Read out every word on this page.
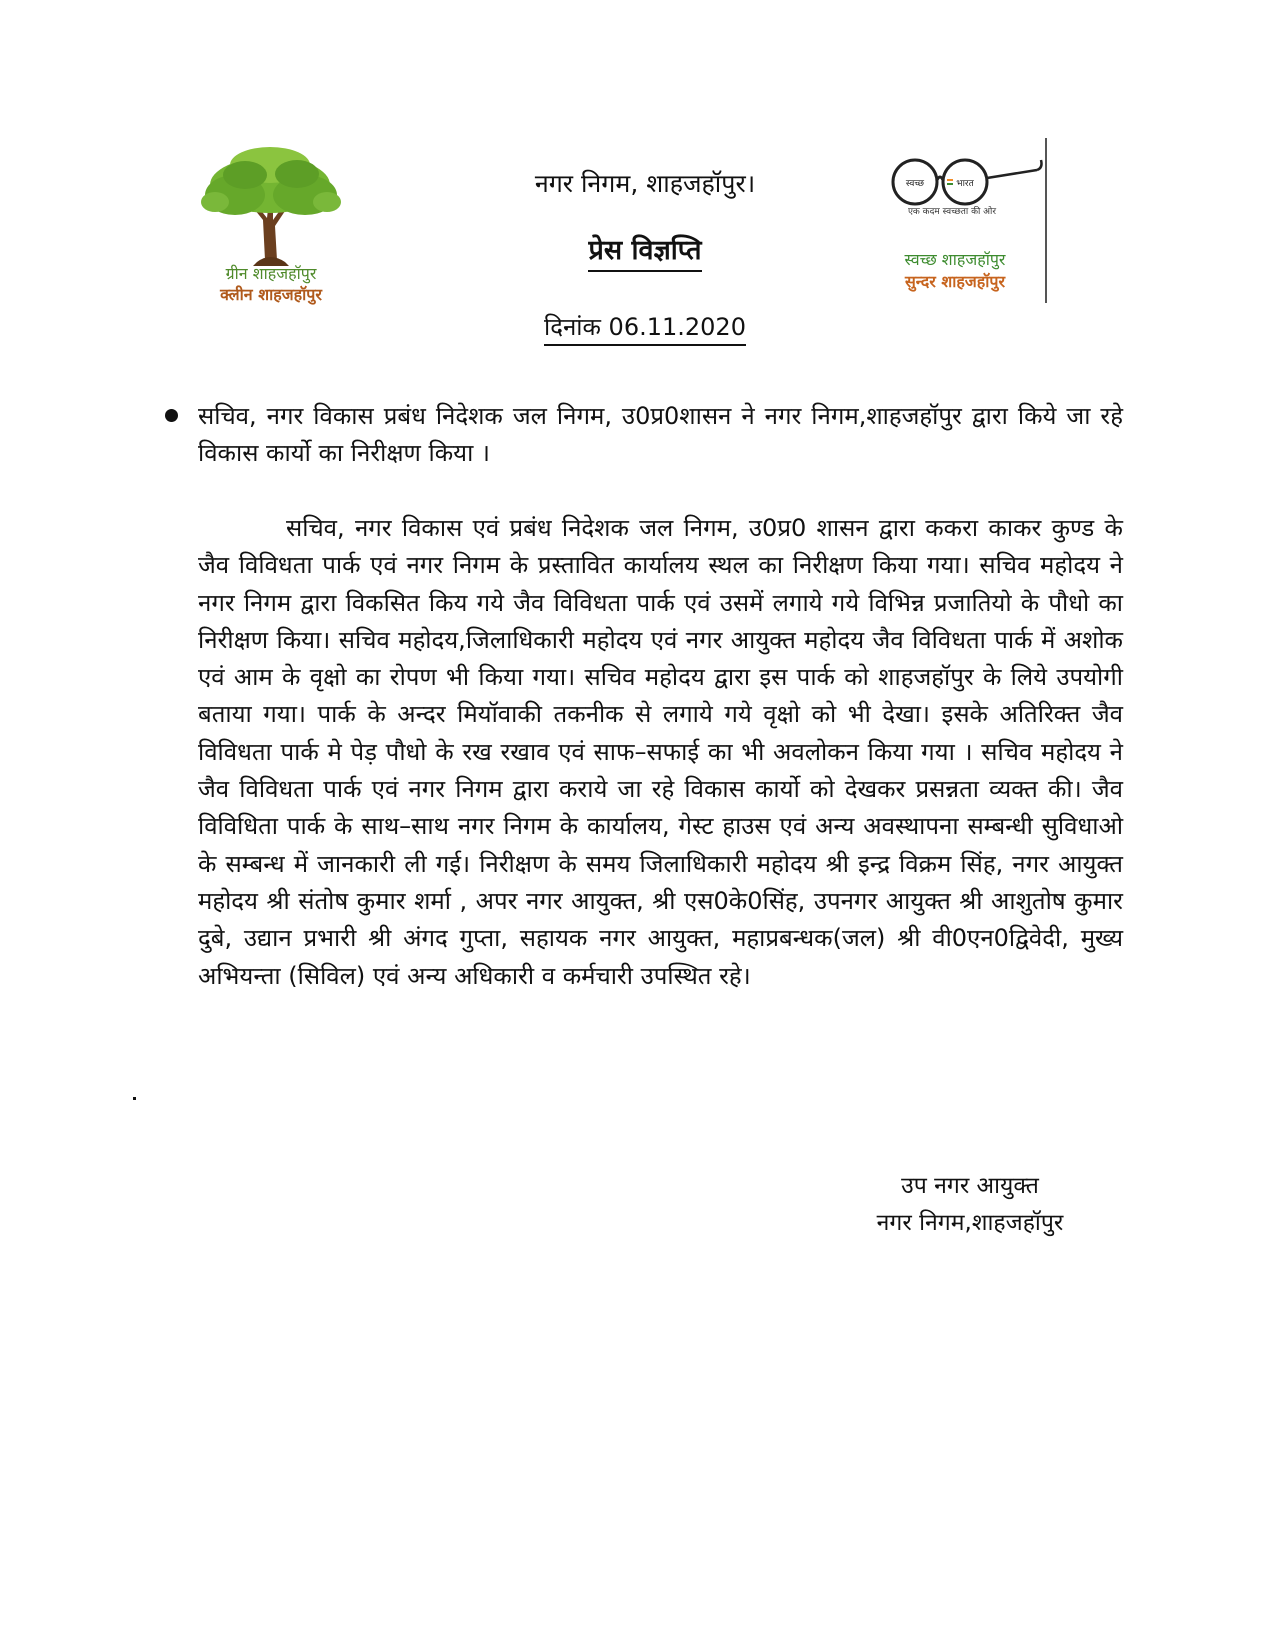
ग्रीन शाहजहॉपुर
क्लीन शाहजहॉपुर
नगर निगम, शाहजहॉपुर।
प्रेस विज्ञप्ति
दिनांक 06.11.2020
स्वच्छ	भारत
एक कदम स्वच्छता की ओर
स्वच्छ शाहजहॉपुर
सुन्दर शाहजहॉपुर
सचिव, नगर विकास प्रबंध निदेशक जल निगम, उ0प्र0शासन ने नगर निगम,शाहजहॉपुर द्वारा किये जा रहे विकास कार्यो का निरीक्षण किया ।
सचिव, नगर विकास एवं प्रबंध निदेशक जल निगम, उ0प्र0 शासन द्वारा ककरा काकर कुण्ड के जैव विविधता पार्क एवं नगर निगम के प्रस्तावित कार्यालय स्थल का निरीक्षण किया गया। सचिव महोदय ने नगर निगम द्वारा विकसित किय गये जैव विविधता पार्क एवं उसमें लगाये गये विभिन्न प्रजातियो के पौधो का निरीक्षण किया। सचिव महोदय,जिलाधिकारी महोदय एवं नगर आयुक्त महोदय जैव विविधता पार्क में अशोक एवं आम के वृक्षो का रोपण भी किया गया। सचिव महोदय द्वारा इस पार्क को शाहजहॉपुर के लिये उपयोगी बताया गया। पार्क के अन्दर मियॉवाकी तकनीक से लगाये गये वृक्षो को भी देखा। इसके अतिरिक्त जैव विविधता पार्क मे पेड़ पौधो के रख रखाव एवं साफ–सफाई का भी अवलोकन किया गया । सचिव महोदय ने जैव विविधता पार्क एवं नगर निगम द्वारा कराये जा रहे विकास कार्यो को देखकर प्रसन्नता व्यक्त की। जैव विविधिता पार्क के साथ–साथ नगर निगम के कार्यालय, गेस्ट हाउस एवं अन्य अवस्थापना सम्बन्धी सुविधाओ के सम्बन्ध में जानकारी ली गई। निरीक्षण के समय जिलाधिकारी महोदय श्री इन्द्र विक्रम सिंह, नगर आयुक्त महोदय श्री संतोष कुमार शर्मा , अपर नगर आयुक्त, श्री एस0के0सिंह, उपनगर आयुक्त श्री आशुतोष कुमार दुबे, उद्यान प्रभारी श्री अंगद गुप्ता, सहायक नगर आयुक्त, महाप्रबन्धक(जल) श्री वी0एन0द्विवेदी, मुख्य अभियन्ता (सिविल) एवं अन्य अधिकारी व कर्मचारी उपस्थित रहे।
उप नगर आयुक्त
नगर निगम,शाहजहॉपुर
